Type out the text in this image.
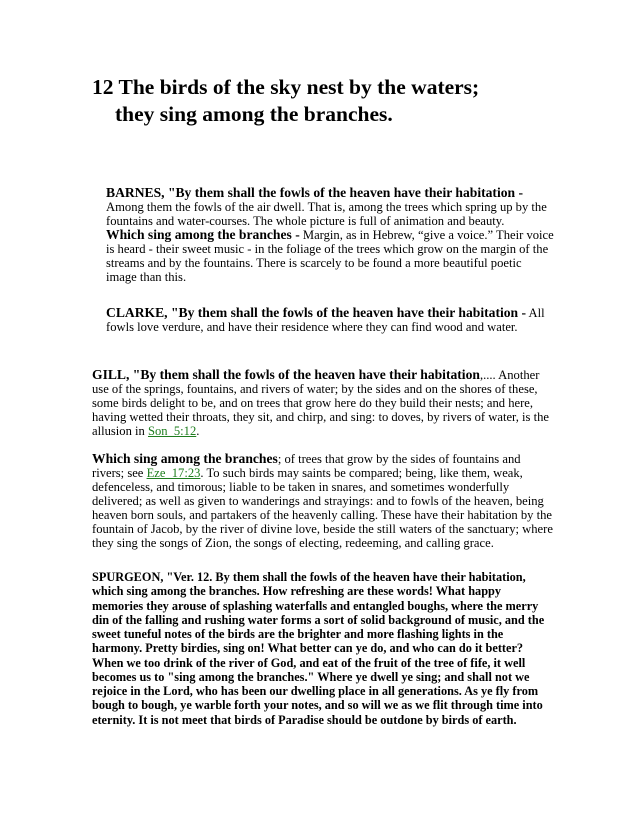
12 The birds of the sky nest by the waters;
they sing among the branches.

BARNES, "By them shall the fowls of the heaven have their habitation - Among them the fowls of the air dwell. That is, among the trees which spring up by the fountains and water-courses. The whole picture is full of animation and beauty.

Which sing among the branches - Margin, as in Hebrew, “give a voice.” Their voice is heard - their sweet music - in the foliage of the trees which grow on the margin of the streams and by the fountains. There is scarcely to be found a more beautiful poetic image than this.

CLARKE, "By them shall the fowls of the heaven have their habitation - All fowls love verdure, and have their residence where they can find wood and water.

GILL, "By them shall the fowls of the heaven have their habitation,.... Another use of the springs, fountains, and rivers of water; by the sides and on the shores of these, some birds delight to be, and on trees that grow here do they build their nests; and here, having wetted their throats, they sit, and chirp, and sing: to doves, by rivers of water, is the allusion in Son_5:12.

Which sing among the branches; of trees that grow by the sides of fountains and rivers; see Eze_17:23. To such birds may saints be compared; being, like them, weak, defenceless, and timorous; liable to be taken in snares, and sometimes wonderfully delivered; as well as given to wanderings and strayings: and to fowls of the heaven, being heaven born souls, and partakers of the heavenly calling. These have their habitation by the fountain of Jacob, by the river of divine love, beside the still waters of the sanctuary; where they sing the songs of Zion, the songs of electing, redeeming, and calling grace.

SPURGEON, "Ver. 12. By them shall the fowls of the heaven have their habitation, which sing among the branches. How refreshing are these words! What happy memories they arouse of splashing waterfalls and entangled boughs, where the merry din of the falling and rushing water forms a sort of solid background of music, and the sweet tuneful notes of the birds are the brighter and more flashing lights in the harmony. Pretty birdies, sing on! What better can ye do, and who can do it better? When we too drink of the river of God, and eat of the fruit of the tree of fife, it well becomes us to "sing among the branches." Where ye dwell ye sing; and shall not we rejoice in the Lord, who has been our dwelling place in all generations. As ye fly from bough to bough, ye warble forth your notes, and so will we as we flit through time into eternity. It is not meet that birds of Paradise should be outdone by birds of earth.
